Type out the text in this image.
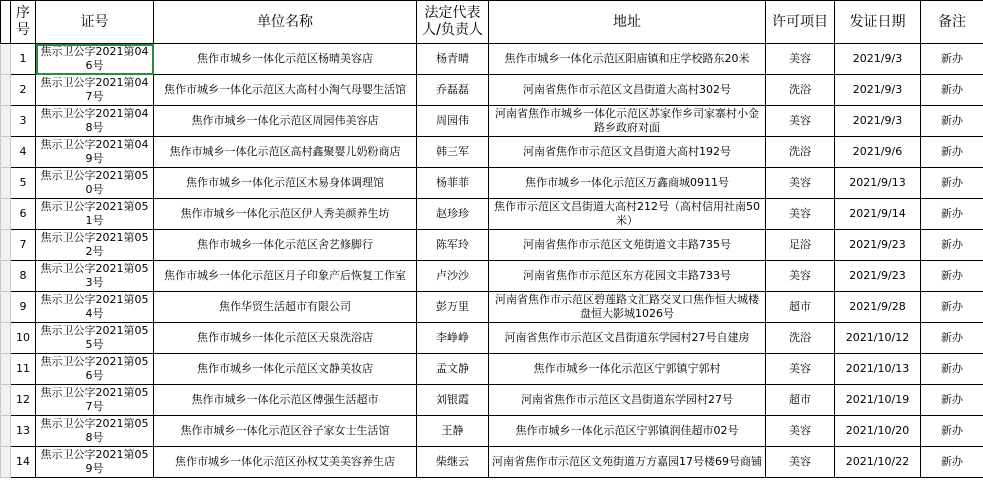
	序号	证号	单位名称	法定代表人/负责人	地址	许可项目	发证日期	备注
	1	焦示卫公字2021第046号	焦作市城乡一体化示范区杨晴美容店	杨青晴	焦作市城乡一体化示范区阳庙镇和庄学校路东20米	美容	2021/9/3	新办
	2	焦示卫公字2021第047号	焦作市城乡一体化示范区大高村小淘气母婴生活馆	乔磊磊	河南省焦作市示范区文昌街道大高村302号	洗浴	2021/9/3	新办
	3	焦示卫公字2021第048号	焦作市城乡一体化示范区周园伟美容店	周园伟	河南省焦作市城乡一体化示范区苏家作乡司家寨村小金路乡政府对面	美容	2021/9/3	新办
	4	焦示卫公字2021第049号	焦作市城乡一体化示范区高村鑫聚婴儿奶粉商店	韩三军	河南省焦作市示范区文昌街道大高村192号	洗浴	2021/9/6	新办
	5	焦示卫公字2021第050号	焦作市城乡一体化示范区木易身体调理馆	杨菲菲	焦作市城乡一体化示范区万鑫商城0911号	美容	2021/9/13	新办
	6	焦示卫公字2021第051号	焦作市城乡一体化示范区伊人秀美颜养生坊	赵珍珍	焦作市示范区文昌街道大高村212号（高村信用社南50米）	美容	2021/9/14	新办
	7	焦示卫公字2021第052号	焦作市城乡一体化示范区舍艺修脚行	陈军玲	河南省焦作市示范区文苑街道文丰路735号	足浴	2021/9/23	新办
	8	焦示卫公字2021第053号	焦作市城乡一体化示范区月子印象产后恢复工作室	卢沙沙	河南省焦作市示范区东方花园文丰路733号	美容	2021/9/23	新办
	9	焦示卫公字2021第054号	焦作华贸生活超市有限公司	彭万里	河南省焦作市示范区碧莲路文汇路交叉口焦作恒大城楼盘恒大影城1026号	超市	2021/9/28	新办
	10	焦示卫公字2021第055号	焦作市城乡一体化示范区天泉洗浴店	李峥峥	河南省焦作市示范区文昌街道东学园村27号自建房	洗浴	2021/10/12	新办
	11	焦示卫公字2021第056号	焦作市城乡一体化示范区文静美妆店	孟文静	焦作市城乡一体化示范区宁郭镇宁郭村	美容	2021/10/13	新办
	12	焦示卫公字2021第057号	焦作市城乡一体化示范区傅强生活超市	刘银霞	河南省焦作市示范区文昌街道东学园村27号	超市	2021/10/19	新办
	13	焦示卫公字2021第058号	焦作市城乡一体化示范区谷子家女士生活馆	王静	焦作市城乡一体化示范区宁郭镇润佳超市02号	美容	2021/10/20	新办
	14	焦示卫公字2021第059号	焦作市城乡一体化示范区孙权艾美美容养生店	柴继云	河南省焦作市示范区文苑街道万方嘉园17号楼69号商铺	美容	2021/10/22	新办
